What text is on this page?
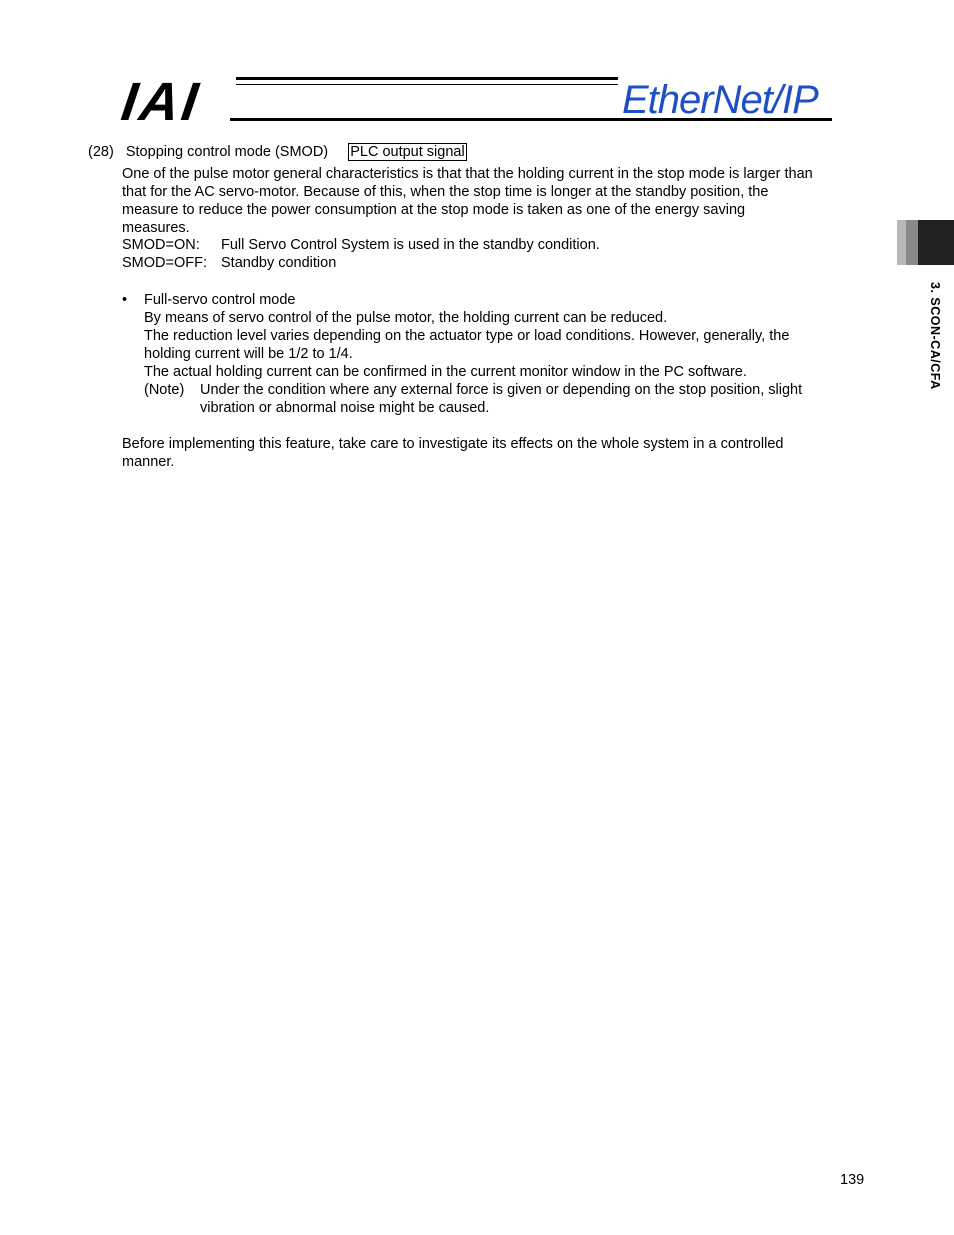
IAI	EtherNet/IP
3. SCON-CA/CFA
(28) Stopping control mode (SMOD) PLC output signal
One of the pulse motor general characteristics is that that the holding current in the stop mode is larger than
that for the AC servo-motor. Because of this, when the stop time is longer at the standby position, the
measure to reduce the power consumption at the stop mode is taken as one of the energy saving
measures.
SMOD=ON: Full Servo Control System is used in the standby condition.
SMOD=OFF: Standby condition
• Full-servo control mode
By means of servo control of the pulse motor, the holding current can be reduced.
The reduction level varies depending on the actuator type or load conditions. However, generally, the
holding current will be 1/2 to 1/4.
The actual holding current can be confirmed in the current monitor window in the PC software.
(Note) Under the condition where any external force is given or depending on the stop position, slight
vibration or abnormal noise might be caused.
Before implementing this feature, take care to investigate its effects on the whole system in a controlled
manner.
139
